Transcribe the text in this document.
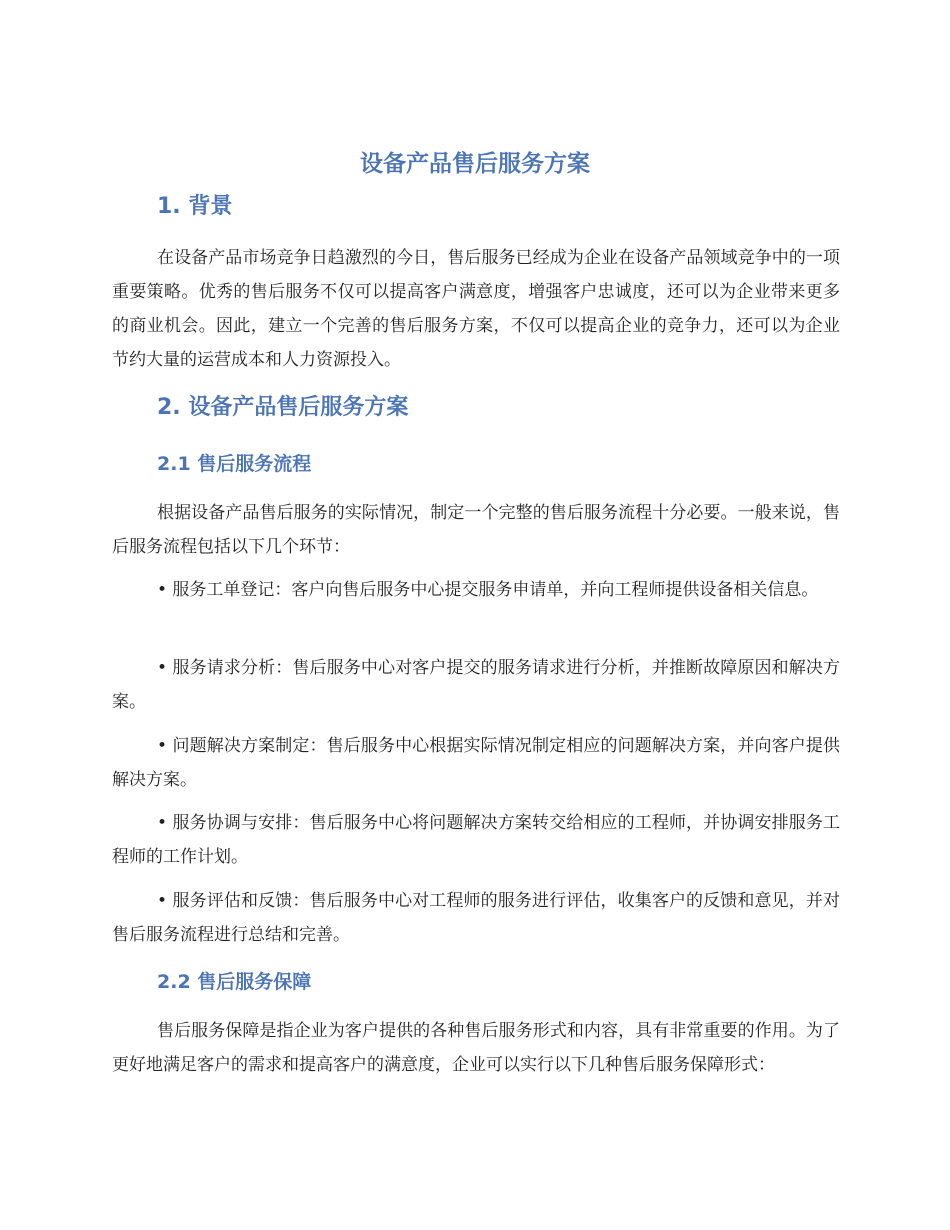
设备产品售后服务方案
1. 背景

在设备产品市场竞争日趋激烈的今日，售后服务已经成为企业在设备产品领域竞争中的一项重要策略。优秀的售后服务不仅可以提高客户满意度，增强客户忠诚度，还可以为企业带来更多的商业机会。因此，建立一个完善的售后服务方案，不仅可以提高企业的竞争力，还可以为企业节约大量的运营成本和人力资源投入。

2. 设备产品售后服务方案
2.1 售后服务流程

根据设备产品售后服务的实际情况，制定一个完整的售后服务流程十分必要。一般来说，售后服务流程包括以下几个环节：

• 服务工单登记：客户向售后服务中心提交服务申请单，并向工程师提供设备相关信息。

• 服务请求分析：售后服务中心对客户提交的服务请求进行分析，并推断故障原因和解决方案。

• 问题解决方案制定：售后服务中心根据实际情况制定相应的问题解决方案，并向客户提供解决方案。

• 服务协调与安排：售后服务中心将问题解决方案转交给相应的工程师，并协调安排服务工程师的工作计划。

• 服务评估和反馈：售后服务中心对工程师的服务进行评估，收集客户的反馈和意见，并对售后服务流程进行总结和完善。

2.2 售后服务保障

售后服务保障是指企业为客户提供的各种售后服务形式和内容，具有非常重要的作用。为了更好地满足客户的需求和提高客户的满意度，企业可以实行以下几种售后服务保障形式：
